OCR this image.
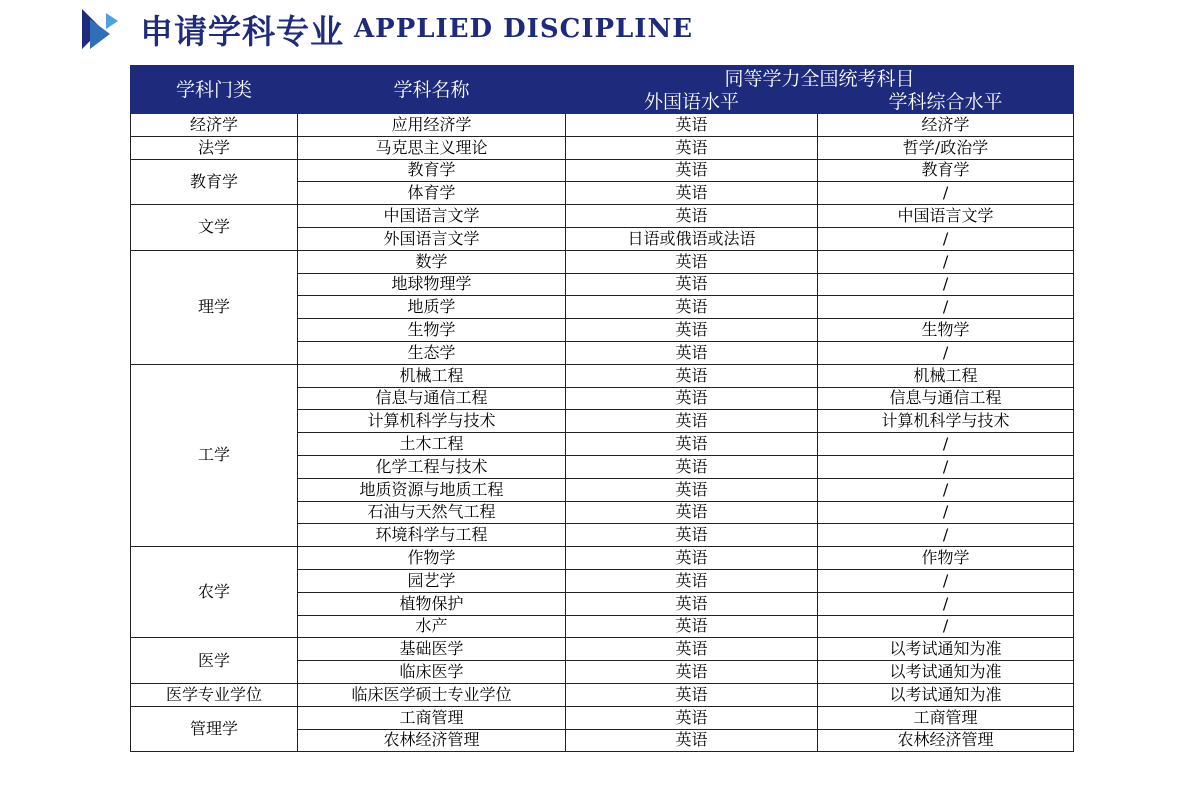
申请学科专业 APPLIED DISCIPLINE
学科门类	学科名称	同等学力全国统考科目	
		外国语水平	学科综合水平
经济学	应用经济学	英语	经济学
法学	马克思主义理论	英语	哲学/政治学
教育学	教育学	英语	教育学
	体育学	英语	/
文学	中国语言文学	英语	中国语言文学
	外国语言文学	日语或俄语或法语	/
理学	数学	英语	/
	地球物理学	英语	/
	地质学	英语	/
	生物学	英语	生物学
	生态学	英语	/
工学	机械工程	英语	机械工程
	信息与通信工程	英语	信息与通信工程
	计算机科学与技术	英语	计算机科学与技术
	土木工程	英语	/
	化学工程与技术	英语	/
	地质资源与地质工程	英语	/
	石油与天然气工程	英语	/
	环境科学与工程	英语	/
农学	作物学	英语	作物学
	园艺学	英语	/
	植物保护	英语	/
	水产	英语	/
医学	基础医学	英语	以考试通知为准
	临床医学	英语	以考试通知为准
医学专业学位	临床医学硕士专业学位	英语	以考试通知为准
管理学	工商管理	英语	工商管理
	农林经济管理	英语	农林经济管理
